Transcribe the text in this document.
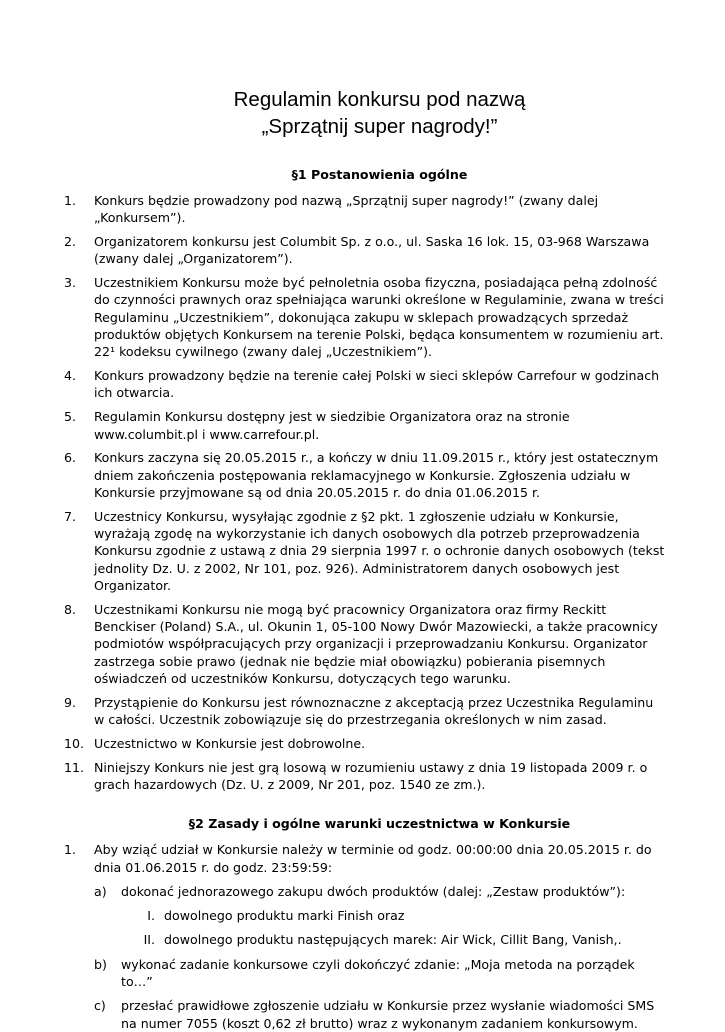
Regulamin konkursu pod nazwą
„Sprzątnij super nagrody!”
§1 Postanowienia ogólne
1.	Konkurs będzie prowadzony pod nazwą „Sprzątnij super nagrody!” (zwany dalej „Konkursem”).
2.	Organizatorem konkursu jest Columbit Sp. z o.o., ul. Saska 16 lok. 15, 03-968 Warszawa (zwany dalej „Organizatorem”).
3.	Uczestnikiem Konkursu może być pełnoletnia osoba fizyczna, posiadająca pełną zdolność do czynności prawnych oraz spełniająca warunki określone w Regulaminie, zwana w treści Regulaminu „Uczestnikiem”, dokonująca zakupu w sklepach prowadzących sprzedaż produktów objętych Konkursem na terenie Polski, będąca konsumentem w rozumieniu art. 22¹ kodeksu cywilnego (zwany dalej „Uczestnikiem”).
4.	Konkurs prowadzony będzie na terenie całej Polski w sieci sklepów Carrefour w godzinach ich otwarcia.
5.	Regulamin Konkursu dostępny jest w siedzibie Organizatora oraz na stronie www.columbit.pl i www.carrefour.pl.
6.	Konkurs zaczyna się 20.05.2015 r., a kończy w dniu 11.09.2015 r., który jest ostatecznym dniem zakończenia postępowania reklamacyjnego w Konkursie. Zgłoszenia udziału w Konkursie przyjmowane są od dnia 20.05.2015 r. do dnia 01.06.2015 r.
7.	Uczestnicy Konkursu, wysyłając zgodnie z §2 pkt. 1 zgłoszenie udziału w Konkursie, wyrażają zgodę na wykorzystanie ich danych osobowych dla potrzeb przeprowadzenia Konkursu zgodnie z ustawą z dnia 29 sierpnia 1997 r. o ochronie danych osobowych (tekst jednolity Dz. U. z 2002, Nr 101, poz. 926). Administratorem danych osobowych jest Organizator.
8.	Uczestnikami Konkursu nie mogą być pracownicy Organizatora oraz firmy Reckitt Benckiser (Poland) S.A., ul. Okunin 1, 05-100 Nowy Dwór Mazowiecki, a także pracownicy podmiotów współpracujących przy organizacji i przeprowadzaniu Konkursu. Organizator zastrzega sobie prawo (jednak nie będzie miał obowiązku) pobierania pisemnych oświadczeń od uczestników Konkursu, dotyczących tego warunku.
9.	Przystąpienie do Konkursu jest równoznaczne z akceptacją przez Uczestnika Regulaminu w całości. Uczestnik zobowiązuje się do przestrzegania określonych w nim zasad.
10. Uczestnictwo w Konkursie jest dobrowolne.
11. Niniejszy Konkurs nie jest grą losową w rozumieniu ustawy z dnia 19 listopada 2009 r. o grach hazardowych (Dz. U. z 2009, Nr 201, poz. 1540 ze zm.).
§2 Zasady i ogólne warunki uczestnictwa w Konkursie
1.	Aby wziąć udział w Konkursie należy w terminie od godz. 00:00:00 dnia 20.05.2015 r. do dnia 01.06.2015 r. do godz. 23:59:59:
a)	dokonać jednorazowego zakupu dwóch produktów (dalej: „Zestaw produktów”):
I. dowolnego produktu marki Finish oraz
II. dowolnego produktu następujących marek: Air Wick, Cillit Bang, Vanish,.
b)	wykonać zadanie konkursowe czyli dokończyć zdanie: „Moja metoda na porządek to…”
c)	przesłać prawidłowe zgłoszenie udziału w Konkursie przez wysłanie wiadomości SMS na numer 7055 (koszt 0,62 zł brutto) wraz z wykonanym zadaniem konkursowym.
